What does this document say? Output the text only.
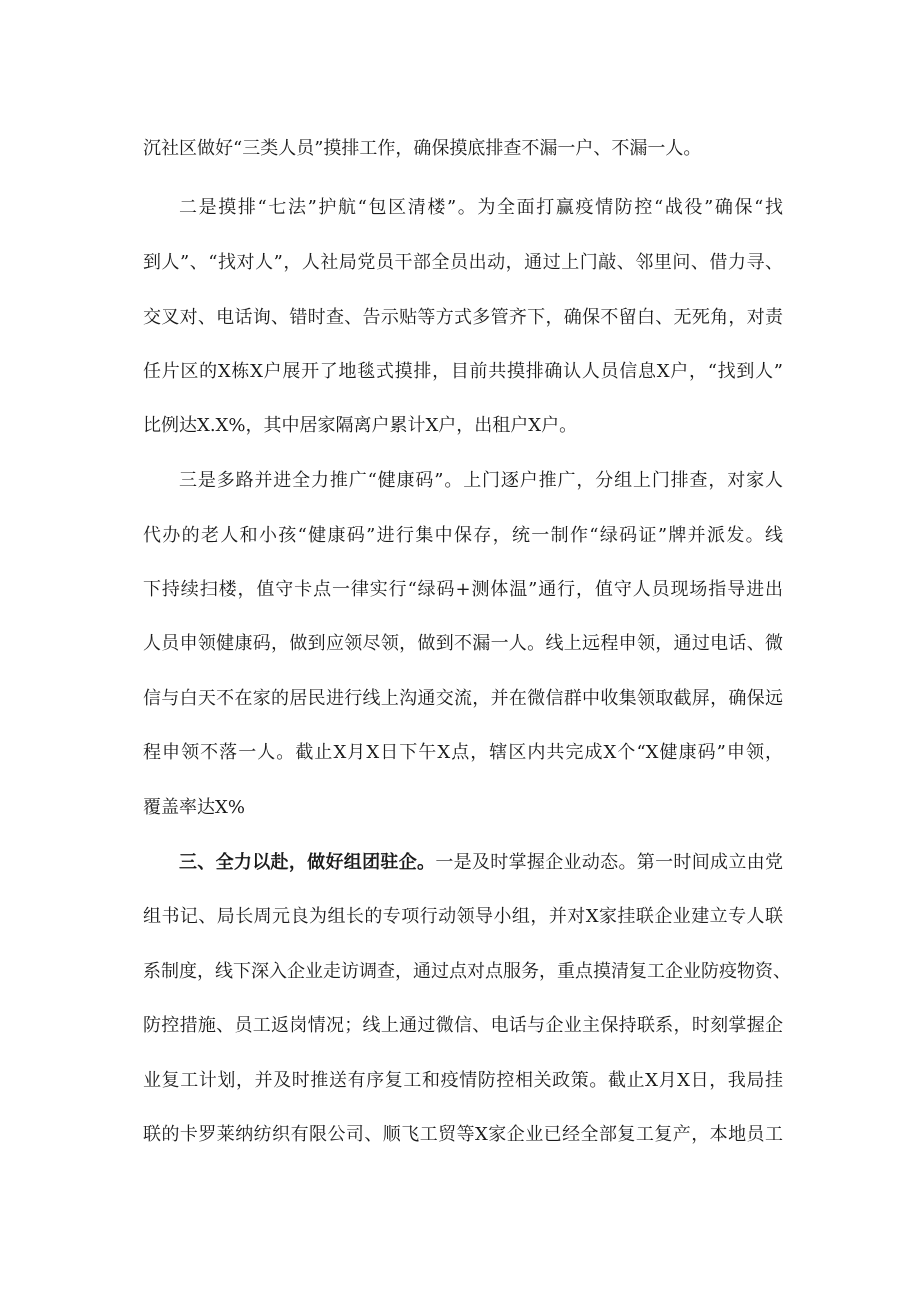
沉社区做好“三类人员”摸排工作，确保摸底排查不漏一户、不漏一人。
二是摸排“七法”护航“包区清楼”。为全面打赢疫情防控“战役”确保“找
到人”、“找对人”，人社局党员干部全员出动，通过上门敲、邻里问、借力寻、
交叉对、电话询、错时查、告示贴等方式多管齐下，确保不留白、无死角，对责
任片区的X栋X户展开了地毯式摸排，目前共摸排确认人员信息X户，“找到人”
比例达X.X%，其中居家隔离户累计X户，出租户X户。
三是多路并进全力推广“健康码”。上门逐户推广，分组上门排查，对家人
代办的老人和小孩“健康码”进行集中保存，统一制作“绿码证”牌并派发。线
下持续扫楼，值守卡点一律实行“绿码+测体温”通行，值守人员现场指导进出
人员申领健康码，做到应领尽领，做到不漏一人。线上远程申领，通过电话、微
信与白天不在家的居民进行线上沟通交流，并在微信群中收集领取截屏，确保远
程申领不落一人。截止X月X日下午X点，辖区内共完成X个“X健康码”申领，
覆盖率达X%
三、全力以赴，做好组团驻企。一是及时掌握企业动态。第一时间成立由党
组书记、局长周元良为组长的专项行动领导小组，并对X家挂联企业建立专人联
系制度，线下深入企业走访调查，通过点对点服务，重点摸清复工企业防疫物资、
防控措施、员工返岗情况；线上通过微信、电话与企业主保持联系，时刻掌握企
业复工计划，并及时推送有序复工和疫情防控相关政策。截止X月X日，我局挂
联的卡罗莱纳纺织有限公司、顺飞工贸等X家企业已经全部复工复产，本地员工
